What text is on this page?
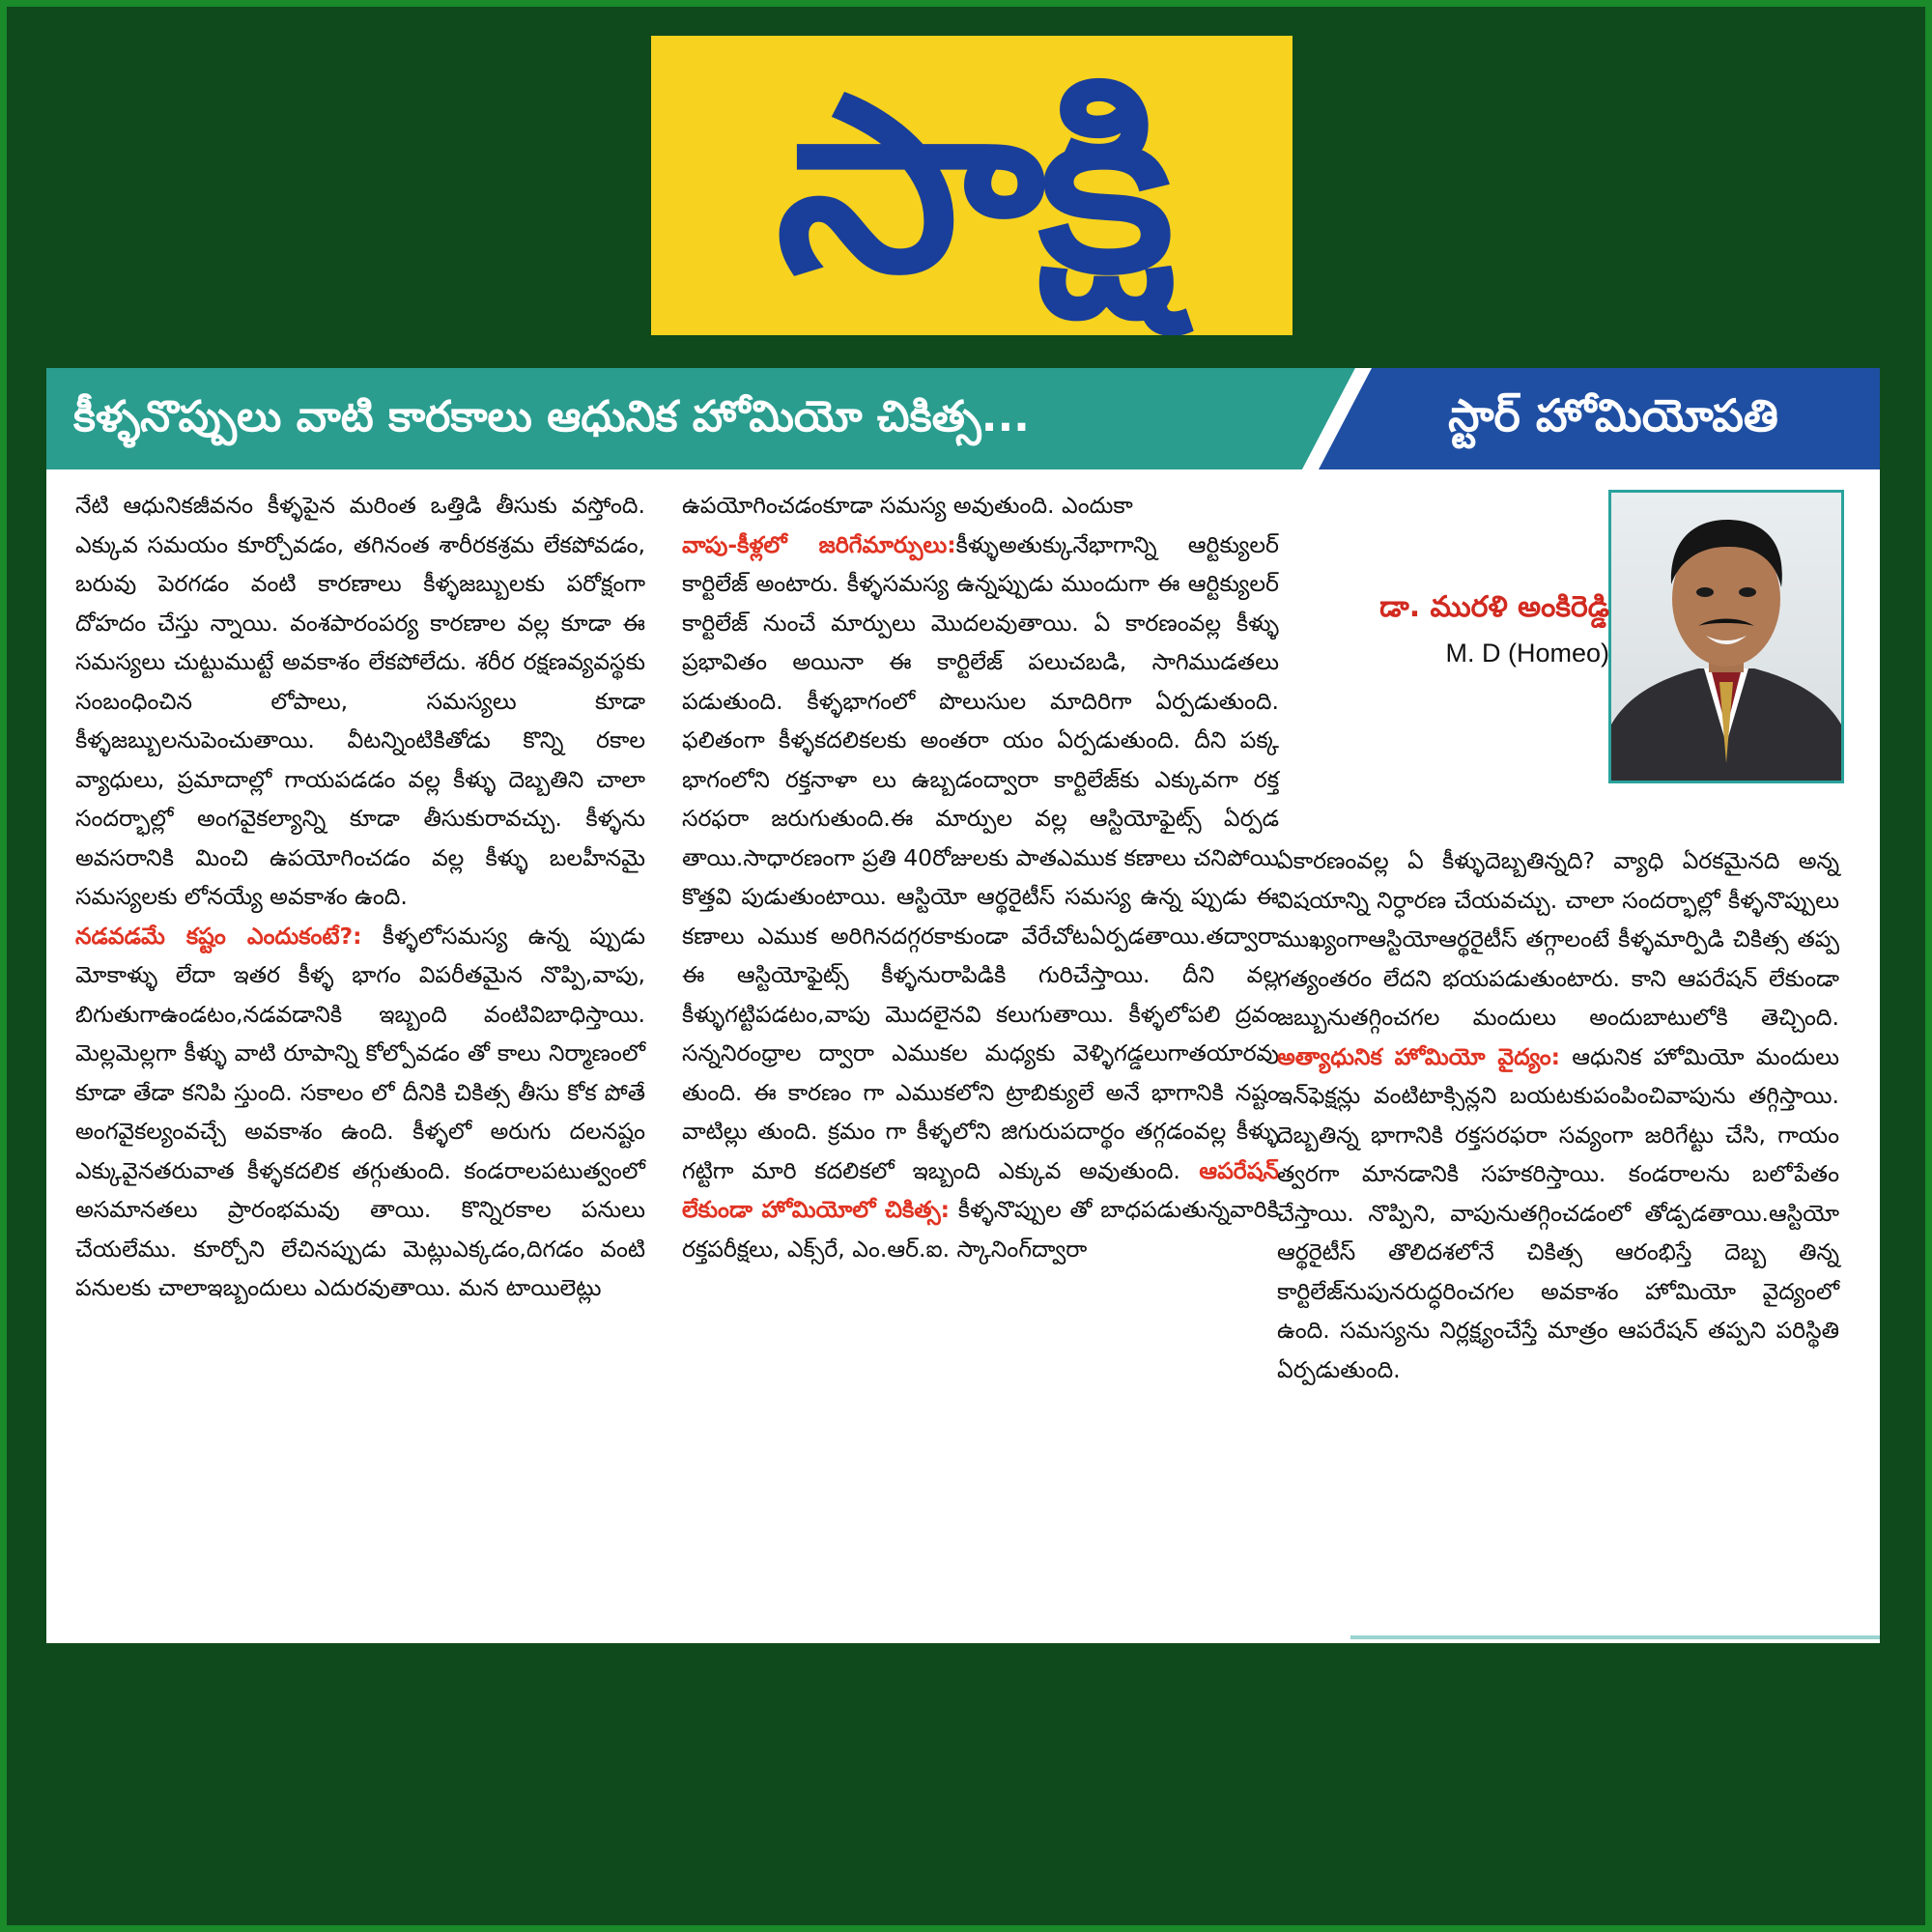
సాక్షి
కీళ్ళనొప్పులు వాటి కారకాలు ఆధునిక హోమియో చికిత్స...	స్టార్ హోమియోపతి

నేటి ఆధునికజీవనం కీళ్ళపైన మరింత ఒత్తిడి తీసుకు వస్తోంది. ఎక్కువ సమయం కూర్చోవడం, తగినంత శారీరకశ్రమ లేకపోవడం, బరువు పెరగడం వంటి కారణాలు కీళ్ళజబ్బులకు పరోక్షంగా దోహదం చేస్తు న్నాయి. వంశపారంపర్య కారణాల వల్ల కూడా ఈ సమస్యలు చుట్టుముట్టే అవకాశం లేకపోలేదు. శరీర రక్షణవ్యవస్థకు సంబంధించిన లోపాలు, సమస్యలు కూడా కీళ్ళజబ్బులనుపెంచుతాయి. వీటన్నింటికితోడు కొన్ని రకాల వ్యాధులు, ప్రమాదాల్లో గాయపడడం వల్ల కీళ్ళు దెబ్బతిని చాలా సందర్భాల్లో అంగవైకల్యాన్ని కూడా తీసుకురావచ్చు. కీళ్ళను అవసరానికి మించి ఉపయోగించడం వల్ల కీళ్ళు బలహీనమై సమస్యలకు లోనయ్యే అవకాశం ఉంది.

నడవడమే కష్టం ఎందుకంటే?: కీళ్ళలోసమస్య ఉన్న ప్పుడు మోకాళ్ళు లేదా ఇతర కీళ్ళ భాగం విపరీతమైన నొప్పి,వాపు, బిగుతుగాఉండటం,నడవడానికి ఇబ్బంది వంటివిబాధిస్తాయి. మెల్లమెల్లగా కీళ్ళు వాటి రూపాన్ని కోల్పోవడం తో కాలు నిర్మాణంలో కూడా తేడా కనిపి స్తుంది. సకాలం లో దీనికి చికిత్స తీసు కోక పోతే అంగవైకల్యంవచ్చే అవకాశం ఉంది. కీళ్ళలో అరుగు దలనష్టం ఎక్కువైనతరువాత కీళ్ళకదలిక తగ్గుతుంది. కండరాలపటుత్వంలో అసమానతలు ప్రారంభమవు తాయి. కొన్నిరకాల పనులు చేయలేము. కూర్చోని లేచినప్పుడు మెట్లుఎక్కడం,దిగడం వంటి పనులకు చాలాఇబ్బందులు ఎదురవుతాయి. మన టాయిలెట్లు

ఉపయోగించడంకూడా సమస్య అవుతుంది. ఎందుకా

వాపు-కీళ్లలో జరిగేమార్పులు:కీళ్ళుఅతుక్కునేభాగాన్ని ఆర్టిక్యులర్ కార్టిలేజ్ అంటారు. కీళ్ళసమస్య ఉన్నప్పుడు ముందుగా ఈ ఆర్టిక్యులర్ కార్టిలేజ్ నుంచే మార్పులు మొదలవుతాయి. ఏ కారణంవల్ల కీళ్ళు ప్రభావితం అయినా ఈ కార్టిలేజ్ పలుచబడి, సాగిముడతలు పడుతుంది. కీళ్ళభాగంలో పొలుసుల మాదిరిగా ఏర్పడుతుంది. ఫలితంగా కీళ్ళకదలికలకు అంతరా యం ఏర్పడుతుంది. దీని పక్క భాగంలోని రక్తనాళా లు ఉబ్బడంద్వారా కార్టిలేజ్‌కు ఎక్కువగా రక్త సరఫరా జరుగుతుంది.ఈ మార్పుల వల్ల ఆస్టియోఫైట్స్ ఏర్పడ తాయి.సాధారణంగా ప్రతి 40రోజులకు పాతఎముక కణాలు చనిపోయి కొత్తవి పుడుతుంటాయి. ఆస్టియో ఆర్థరైటీస్ సమస్య ఉన్న ప్పుడు ఈ కణాలు ఎముక అరిగినదగ్గరకాకుండా వేరేచోటఏర్పడతాయి.తద్వారా ఈ ఆస్టియోఫైట్స్ కీళ్ళనురాపిడికి గురిచేస్తాయి. దీని వల్ల కీళ్ళుగట్టిపడటం,వాపు మొదలైనవి కలుగుతాయి. కీళ్ళలోపలి ద్రవం సన్ననిరంధ్రాల ద్వారా ఎముకల మధ్యకు వెళ్ళిగడ్డలుగాతయారవు తుంది. ఈ కారణం గా ఎముకలోని ట్రాబిక్యులే అనే భాగానికి నష్టం వాటిల్లు తుంది. క్రమం గా కీళ్ళలోని జిగురుపదార్థం తగ్గడంవల్ల కీళ్ళు గట్టిగా మారి కదలికలో ఇబ్బంది ఎక్కువ అవుతుంది. ఆపరేషన్ లేకుండా హోమియోలో చికిత్స: కీళ్ళనొప్పుల తో బాధపడుతున్నవారికి రక్తపరీక్షలు, ఎక్స్‌రే, ఎం.ఆర్.ఐ. స్కానింగ్‌ద్వారా

డా. మురళి అంకిరెడ్డి
M. D (Homeo)

ఏకారణంవల్ల ఏ కీళ్ళుదెబ్బతిన్నది? వ్యాధి ఏరకమైనది అన్న విషయాన్ని నిర్ధారణ చేయవచ్చు. చాలా సందర్భాల్లో కీళ్ళనొప్పులు ముఖ్యంగాఆస్టియోఆర్థరైటీస్ తగ్గాలంటే కీళ్ళమార్పిడి చికిత్స తప్ప గత్యంతరం లేదని భయపడుతుంటారు. కాని ఆపరేషన్ లేకుండా జబ్బునుతగ్గించగల మందులు అందుబాటులోకి తెచ్చింది. అత్యాధునిక హోమియో వైద్యం: ఆధునిక హోమియో మందులు ఇన్‌ఫెక్షన్లు వంటిటాక్సిన్లని బయటకుపంపించివాపును తగ్గిస్తాయి. దెబ్బతిన్న భాగానికి రక్తసరఫరా సవ్యంగా జరిగేట్టు చేసి, గాయం త్వరగా మానడానికి సహకరిస్తాయి. కండరాలను బలోపేతం చేస్తాయి. నొప్పిని, వాపునుతగ్గించడంలో తోడ్పడతాయి.ఆస్టియో ఆర్థరైటీస్ తొలిదశలోనే చికిత్స ఆరంభిస్తే దెబ్బ తిన్న కార్టిలేజ్‌నుపునరుద్ధరించగల అవకాశం హోమియో వైద్యంలో ఉంది. సమస్యను నిర్లక్ష్యంచేస్తే మాత్రం ఆపరేషన్ తప్పని పరిస్థితి ఏర్పడుతుంది.
